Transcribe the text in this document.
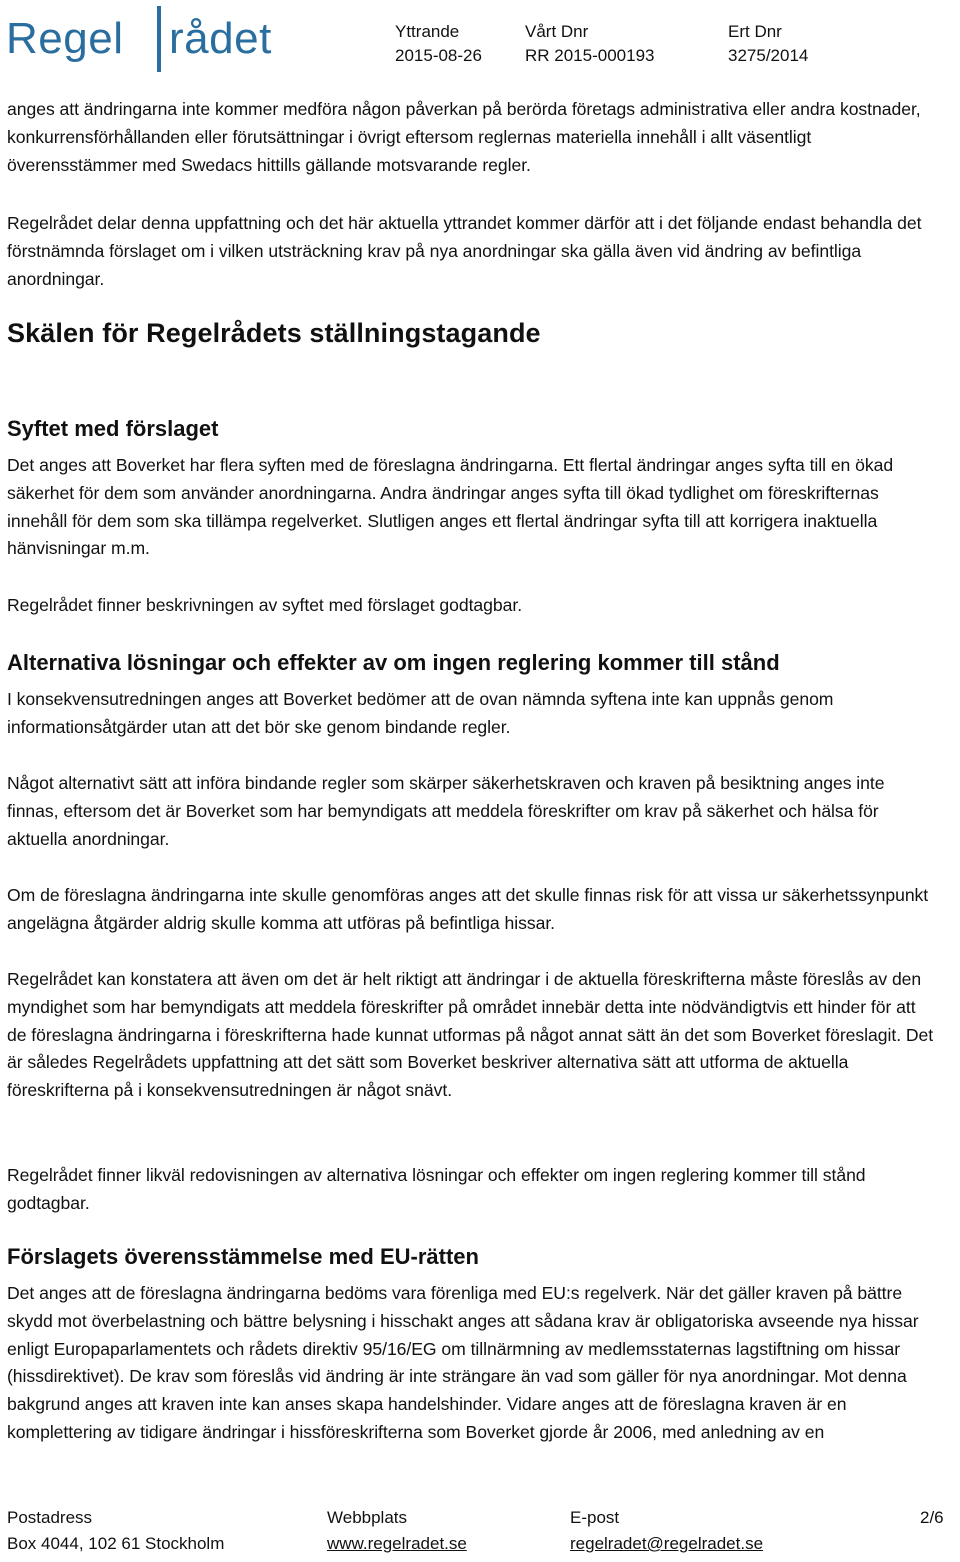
Regel rådet	Yttrande
2015-08-26
Vårt Dnr
RR 2015-000193
Ert Dnr
3275/2014

anges att ändringarna inte kommer medföra någon påverkan på berörda företags administrativa eller andra kostnader, konkurrensförhållanden eller förutsättningar i övrigt eftersom reglernas materiella innehåll i allt väsentligt överensstämmer med Swedacs hittills gällande motsvarande regler.

Regelrådet delar denna uppfattning och det här aktuella yttrandet kommer därför att i det följande endast behandla det förstnämnda förslaget om i vilken utsträckning krav på nya anordningar ska gälla även vid ändring av befintliga anordningar.

Skälen för Regelrådets ställningstagande
Syftet med förslaget

Det anges att Boverket har flera syften med de föreslagna ändringarna. Ett flertal ändringar anges syfta till en ökad säkerhet för dem som använder anordningarna. Andra ändringar anges syfta till ökad tydlighet om föreskrifternas innehåll för dem som ska tillämpa regelverket. Slutligen anges ett flertal ändringar syfta till att korrigera inaktuella hänvisningar m.m.

Regelrådet finner beskrivningen av syftet med förslaget godtagbar.

Alternativa lösningar och effekter av om ingen reglering kommer till stånd

I konsekvensutredningen anges att Boverket bedömer att de ovan nämnda syftena inte kan uppnås genom informationsåtgärder utan att det bör ske genom bindande regler.

Något alternativt sätt att införa bindande regler som skärper säkerhetskraven och kraven på besiktning anges inte finnas, eftersom det är Boverket som har bemyndigats att meddela föreskrifter om krav på säkerhet och hälsa för aktuella anordningar.

Om de föreslagna ändringarna inte skulle genomföras anges att det skulle finnas risk för att vissa ur säkerhetssynpunkt angelägna åtgärder aldrig skulle komma att utföras på befintliga hissar.

Regelrådet kan konstatera att även om det är helt riktigt att ändringar i de aktuella föreskrifterna måste föreslås av den myndighet som har bemyndigats att meddela föreskrifter på området innebär detta inte nödvändigtvis ett hinder för att de föreslagna ändringarna i föreskrifterna hade kunnat utformas på något annat sätt än det som Boverket föreslagit. Det är således Regelrådets uppfattning att det sätt som Boverket beskriver alternativa sätt att utforma de aktuella föreskrifterna på i konsekvensutredningen är något snävt.

Regelrådet finner likväl redovisningen av alternativa lösningar och effekter om ingen reglering kommer till stånd godtagbar.

Förslagets överensstämmelse med EU-rätten

Det anges att de föreslagna ändringarna bedöms vara förenliga med EU:s regelverk. När det gäller kraven på bättre skydd mot överbelastning och bättre belysning i hisschakt anges att sådana krav är obligatoriska avseende nya hissar enligt Europaparlamentets och rådets direktiv 95/16/EG om tillnärmning av medlemsstaternas lagstiftning om hissar (hissdirektivet). De krav som föreslås vid ändring är inte strängare än vad som gäller för nya anordningar. Mot denna bakgrund anges att kraven inte kan anses skapa handelshinder. Vidare anges att de föreslagna kraven är en komplettering av tidigare ändringar i hissföreskrifterna som Boverket gjorde år 2006, med anledning av en

Postadress
Box 4044, 102 61 Stockholm
Webbplats
www.regelradet.se
E-post
regelradet@regelradet.se
2/6
